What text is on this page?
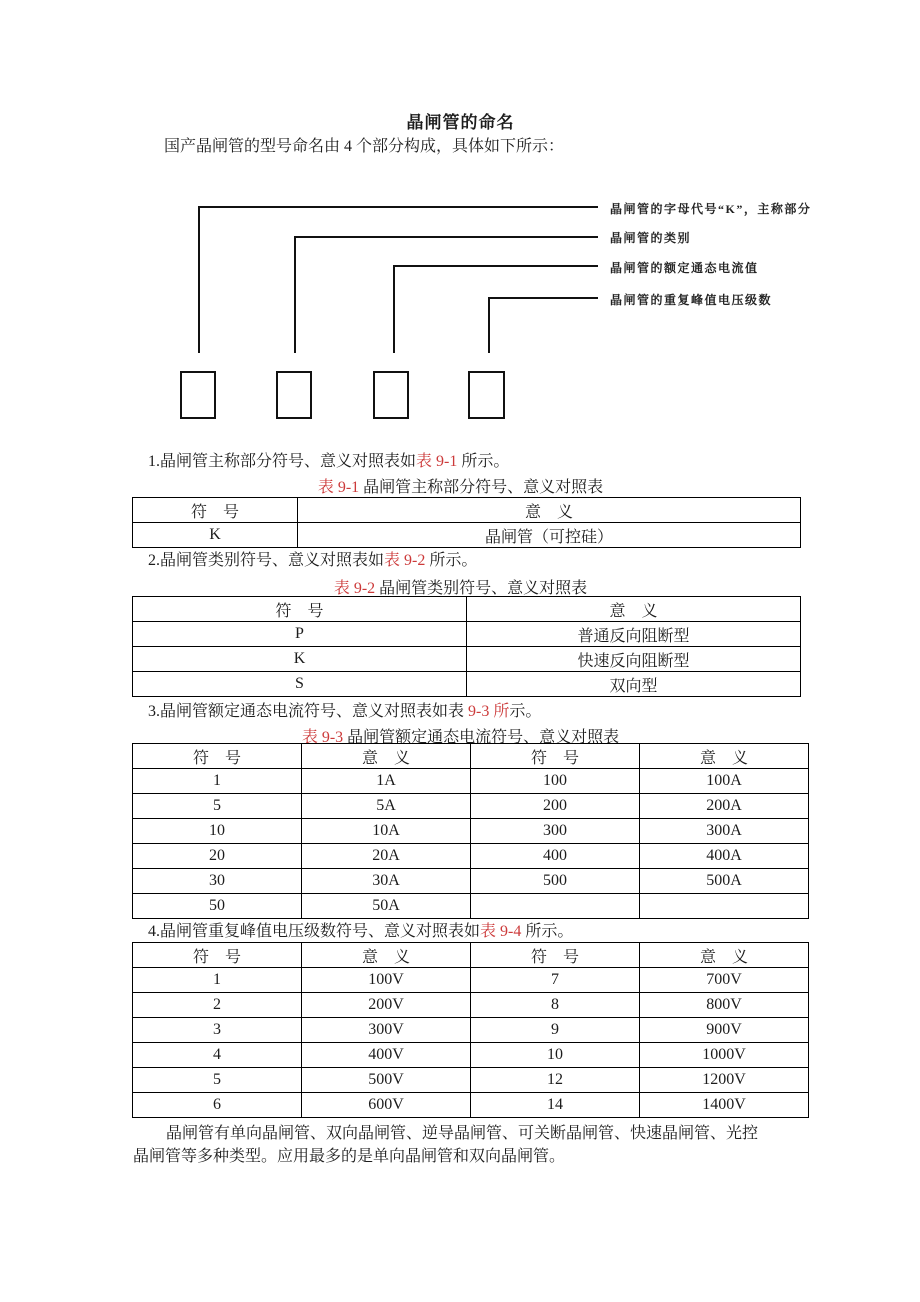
晶闸管的命名
国产晶闸管的型号命名由 4 个部分构成，具体如下所示：
晶闸管的字母代号“K”，主称部分
晶闸管的类别
晶闸管的额定通态电流值
晶闸管的重复峰值电压级数
1.晶闸管主称部分符号、意义对照表如表 9-1 所示。
表 9-1 晶闸管主称部分符号、意义对照表
符　号	意　义
K	晶闸管（可控硅）
2.晶闸管类别符号、意义对照表如表 9-2 所示。
表 9-2 晶闸管类别符号、意义对照表
符　号	意　义
P	普通反向阻断型
K	快速反向阻断型
S	双向型
3.晶闸管额定通态电流符号、意义对照表如表 9-3 所示。
表 9-3 晶闸管额定通态电流符号、意义对照表
符　号	意　义	符　号	意　义
1	1A	100	100A
5	5A	200	200A
10	10A	300	300A
20	20A	400	400A
30	30A	500	500A
50	50A		
4.晶闸管重复峰值电压级数符号、意义对照表如表 9-4 所示。
符　号	意　义	符　号	意　义
1	100V	7	700V
2	200V	8	800V
3	300V	9	900V
4	400V	10	1000V
5	500V	12	1200V
6	600V	14	1400V
晶闸管有单向晶闸管、双向晶闸管、逆导晶闸管、可关断晶闸管、快速晶闸管、光控
晶闸管等多种类型。应用最多的是单向晶闸管和双向晶闸管。
